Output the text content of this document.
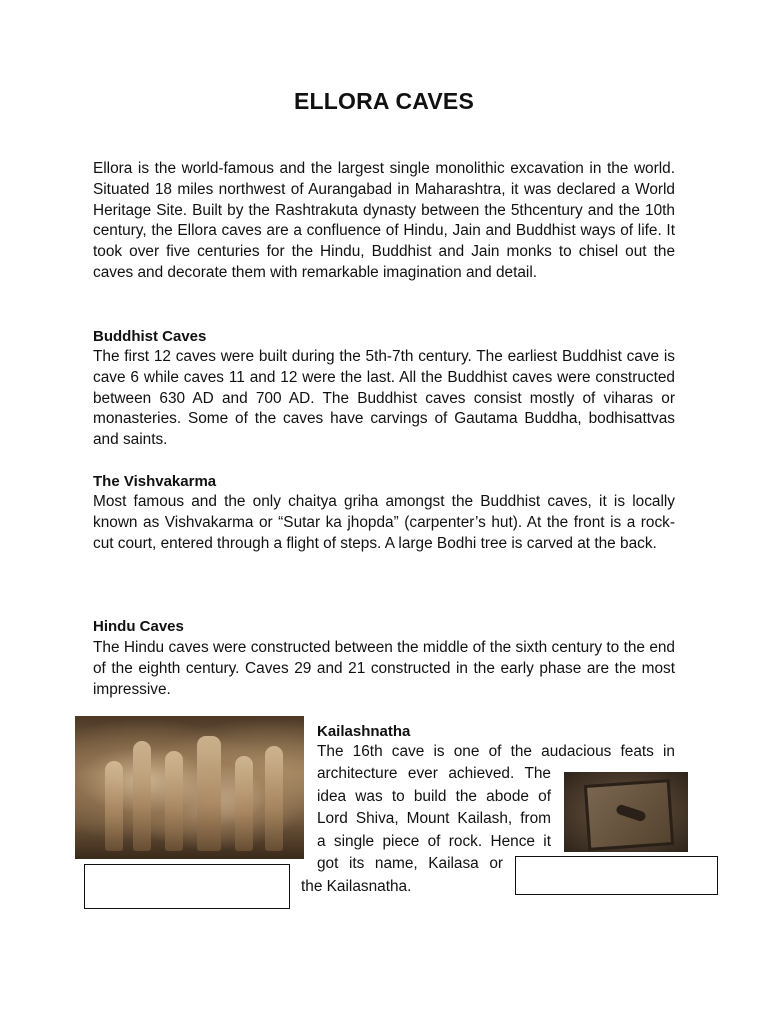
ELLORA CAVES

Ellora is the world-famous and the largest single monolithic excavation in the world. Situated 18 miles northwest of Aurangabad in Maharashtra, it was declared a World Heritage Site. Built by the Rashtrakuta dynasty between the 5thcentury and the 10th century, the Ellora caves are a confluence of Hindu, Jain and Buddhist ways of life. It took over five centuries for the Hindu, Buddhist and Jain monks to chisel out the caves and decorate them with remarkable imagination and detail.

Buddhist Caves

The first 12 caves were built during the 5th-7th century. The earliest Buddhist cave is cave 6 while caves 11 and 12 were the last. All the Buddhist caves were constructed between 630 AD and 700 AD. The Buddhist caves consist mostly of viharas or monasteries. Some of the caves have carvings of Gautama Buddha, bodhisattvas and saints.

The Vishvakarma

Most famous and the only chaitya griha amongst the Buddhist caves, it is locally known as Vishvakarma or “Sutar ka jhopda” (carpenter’s hut). At the front is a rock-cut court, entered through a flight of steps. A large Bodhi tree is carved at the back.

Hindu Caves

The Hindu caves were constructed between the middle of the sixth century to the end of the eighth century. Caves 29 and 21 constructed in the early phase are the most impressive.

Kailashnatha
The 16th cave is one of the audacious feats in
architecture ever achieved. The
idea was to build the abode of
Lord Shiva, Mount Kailash, from
a single piece of rock. Hence it
got its name, Kailasa or
the Kailasnatha.
